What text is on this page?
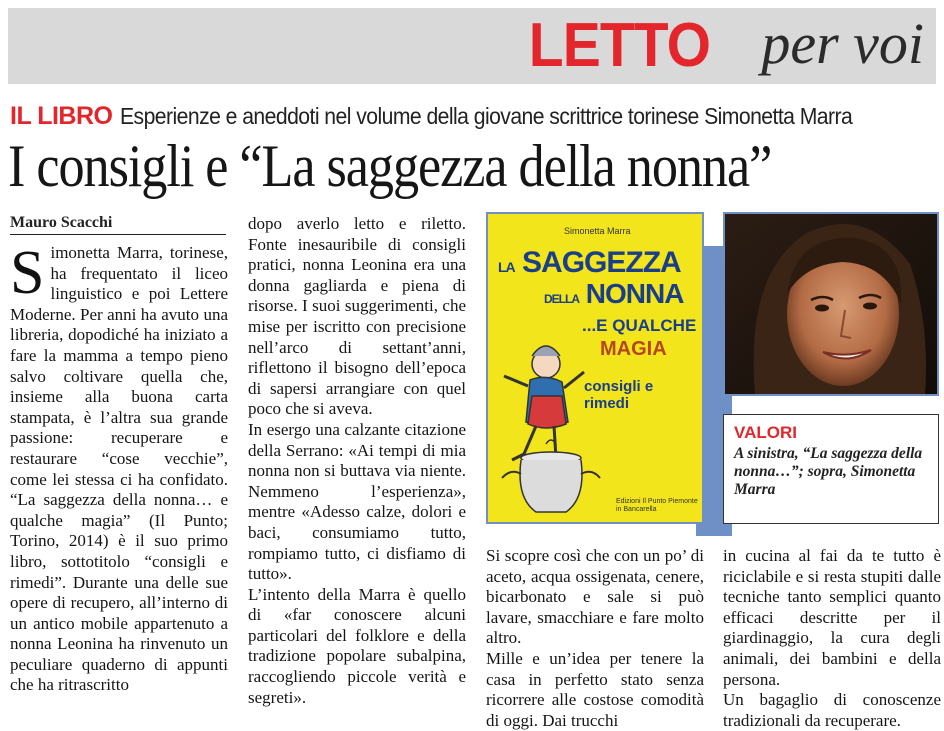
LETTO per voi
IL LIBRO Esperienze e aneddoti nel volume della giovane scrittrice torinese Simonetta Marra
I consigli e “La saggezza della nonna”
Mauro Scacchi
S imonetta Marra, torinese, ha frequentato il liceo linguistico e poi Lettere Moderne. Per anni ha avuto una libreria, dopodiché ha iniziato a fare la mamma a tempo pieno salvo coltivare quella che, insieme alla buona carta stampata, è l’altra sua grande passione: recuperare e restaurare “cose vecchie”, come lei stessa ci ha confidato. “La saggezza della nonna… e qualche magia” (Il Punto; Torino, 2014) è il suo primo libro, sottotitolo “consigli e rimedi”. Durante una delle sue opere di recupero, all’interno di un antico mobile appartenuto a nonna Leonina ha rinvenuto un peculiare quaderno di appunti che ha ritrascritto

dopo averlo letto e riletto. Fonte inesauribile di consigli pratici, nonna Leonina era una donna gagliarda e piena di risorse. I suoi suggerimenti, che mise per iscritto con precisione nell’arco di settant’anni, riflettono il bisogno dell’epoca di sapersi arrangiare con quel poco che si aveva.

In esergo una calzante citazione della Serrano: «Ai tempi di mia nonna non si buttava via niente. Nemmeno l’esperienza», mentre «Adesso calze, dolori e baci, consumiamo tutto, rompiamo tutto, ci disfiamo di tutto».

L’intento della Marra è quello di «far conoscere alcuni particolari del folklore e della tradizione popolare subalpina, raccogliendo piccole verità e segreti».

Simonetta Marra
LA SAGGEZZA
DELLA NONNA
...E QUALCHE
MAGIA
consigli e rimedi
Edizioni Il Punto Piemonte in Bancarella
VALORI
A sinistra, “La saggezza della nonna…”; sopra, Simonetta Marra

Si scopre così che con un po’ di aceto, acqua ossigenata, cenere, bicarbonato e sale si può lavare, smacchiare e fare molto altro.

Mille e un’idea per tenere la casa in perfetto stato senza ricorrere alle costose comodità di oggi. Dai trucchi

in cucina al fai da te tutto è riciclabile e si resta stupiti dalle tecniche tanto semplici quanto efficaci descritte per il giardinaggio, la cura degli animali, dei bambini e della persona.

Un bagaglio di conoscenze tradizionali da recuperare.
